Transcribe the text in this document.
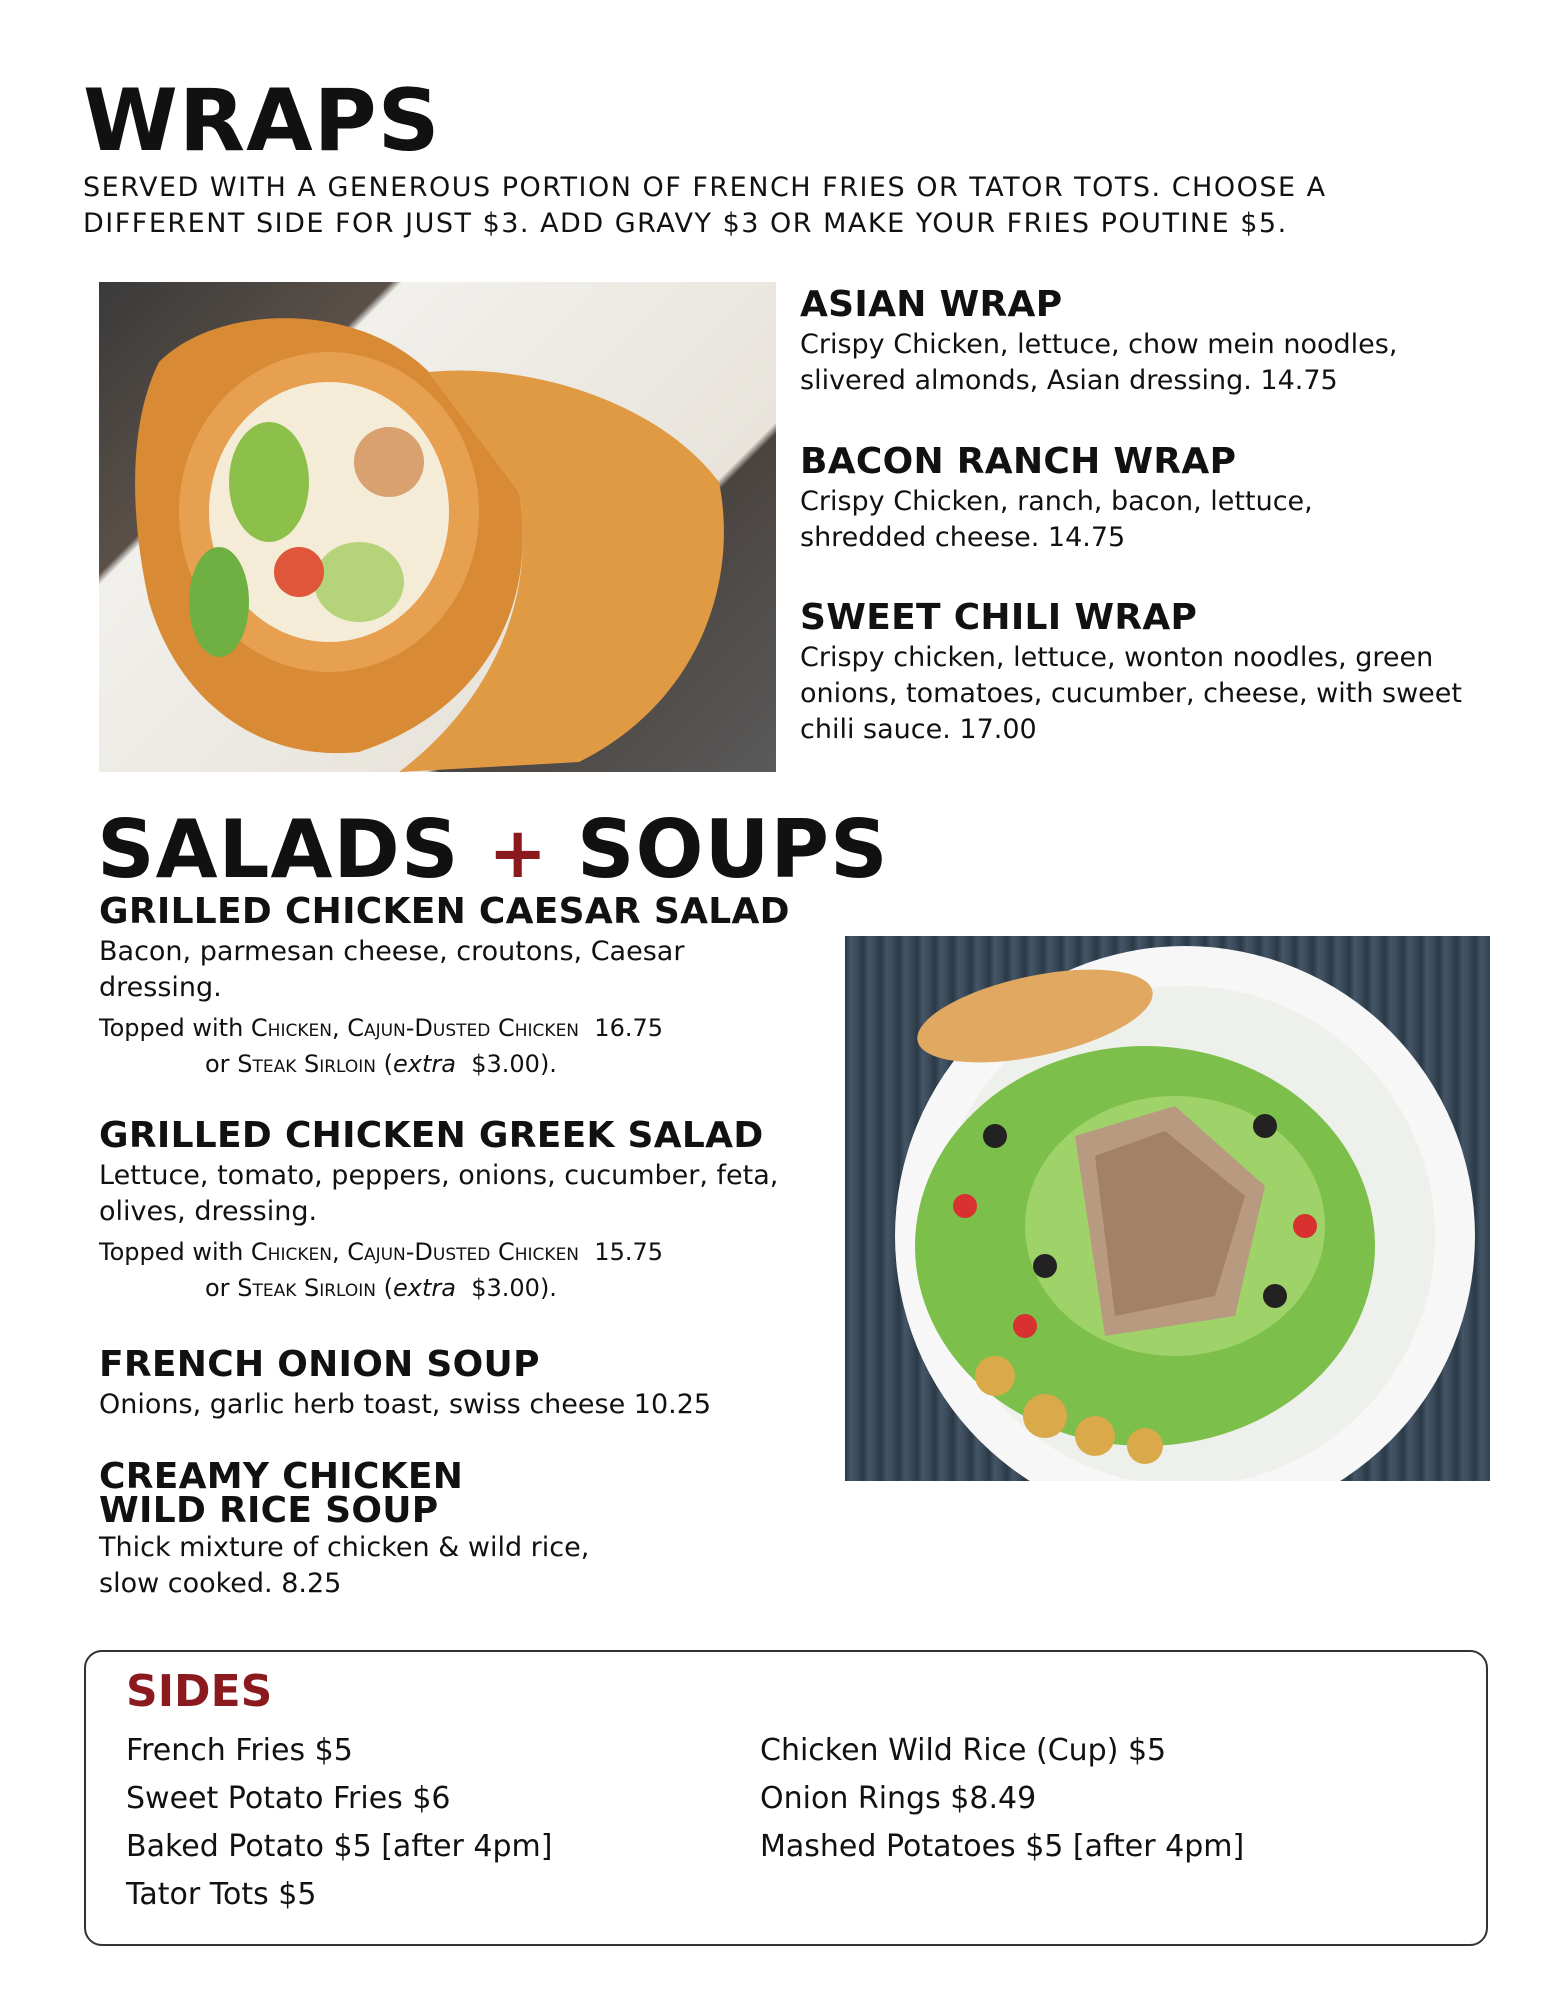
WRAPS
SERVED WITH A GENEROUS PORTION OF FRENCH FRIES OR TATOR TOTS. CHOOSE A DIFFERENT SIDE FOR JUST $3. ADD GRAVY $3 OR MAKE YOUR FRIES POUTINE $5.
ASIAN WRAP
Crispy Chicken, lettuce, chow mein noodles, slivered almonds, Asian dressing. 14.75
BACON RANCH WRAP
Crispy Chicken, ranch, bacon, lettuce, shredded cheese. 14.75
SWEET CHILI WRAP
Crispy chicken, lettuce, wonton noodles, green onions, tomatoes, cucumber, cheese, with sweet chili sauce. 17.00
SALADS + SOUPS
GRILLED CHICKEN CAESAR SALAD
Bacon, parmesan cheese, croutons, Caesar dressing.
Topped with Chicken, Cajun-Dusted Chicken 16.75
or Steak Sirloin (extra $3.00).
GRILLED CHICKEN GREEK SALAD
Lettuce, tomato, peppers, onions, cucumber, feta, olives, dressing.
Topped with Chicken, Cajun-Dusted Chicken 15.75
or Steak Sirloin (extra $3.00).
FRENCH ONION SOUP
Onions, garlic herb toast, swiss cheese 10.25
CREAMY CHICKEN
WILD RICE SOUP
Thick mixture of chicken & wild rice, slow cooked. 8.25
SIDES
French Fries $5
Sweet Potato Fries $6
Baked Potato $5 [after 4pm]
Tator Tots $5
Chicken Wild Rice (Cup) $5
Onion Rings $8.49
Mashed Potatoes $5 [after 4pm]
